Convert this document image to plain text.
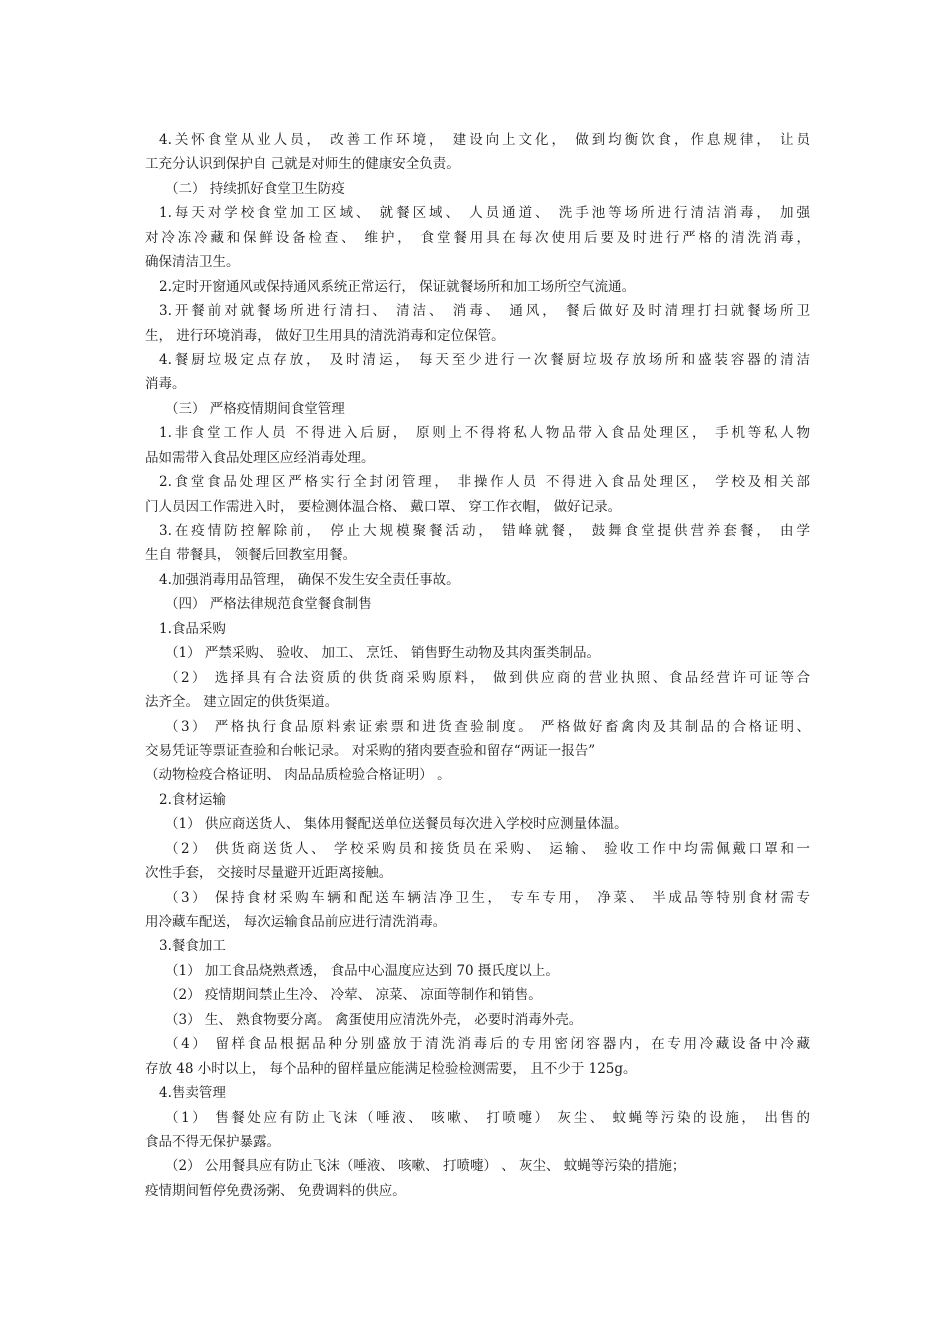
4.关怀食堂从业人员， 改善工作环境， 建设向上文化， 做到均衡饮食，作息规律， 让员
工充分认识到保护自 己就是对师生的健康安全负责。
（二） 持续抓好食堂卫生防疫
1.每天对学校食堂加工区域、 就餐区域、 人员通道、 洗手池等场所进行清洁消毒， 加强
对冷冻冷藏和保鲜设备检查、 维护， 食堂餐用具在每次使用后要及时进行严格的清洗消毒，
确保清洁卫生。
2.定时开窗通风或保持通风系统正常运行， 保证就餐场所和加工场所空气流通。
3.开餐前对就餐场所进行清扫、 清洁、 消毒、 通风， 餐后做好及时清理打扫就餐场所卫
生， 进行环境消毒， 做好卫生用具的清洗消毒和定位保管。
4.餐厨垃圾定点存放， 及时清运， 每天至少进行一次餐厨垃圾存放场所和盛装容器的清洁
消毒。
（三） 严格疫情期间食堂管理
1.非食堂工作人员 不得进入后厨， 原则上不得将私人物品带入食品处理区， 手机等私人物
品如需带入食品处理区应经消毒处理。
2.食堂食品处理区严格实行全封闭管理， 非操作人员 不得进入食品处理区， 学校及相关部
门人员因工作需进入时， 要检测体温合格、 戴口罩、 穿工作衣帽， 做好记录。
3.在疫情防控解除前， 停止大规模聚餐活动， 错峰就餐， 鼓舞食堂提供营养套餐， 由学
生自 带餐具， 领餐后回教室用餐。
4.加强消毒用品管理， 确保不发生安全责任事故。
（四） 严格法律规范食堂餐食制售
1.食品采购
（1） 严禁采购、 验收、 加工、 烹饪、 销售野生动物及其肉蛋类制品。
（2） 选择具有合法资质的供货商采购原料， 做到供应商的营业执照、食品经营许可证等合
法齐全。 建立固定的供货渠道。
（3） 严格执行食品原料索证索票和进货查验制度。 严格做好畜禽肉及其制品的合格证明、
交易凭证等票证查验和台帐记录。 对采购的猪肉要查验和留存“两证一报告”
（动物检疫合格证明、 肉品品质检验合格证明） 。
2.食材运输
（1） 供应商送货人、 集体用餐配送单位送餐员每次进入学校时应测量体温。
（2） 供货商送货人、 学校采购员和接货员在采购、 运输、 验收工作中均需佩戴口罩和一
次性手套， 交接时尽量避开近距离接触。
（3） 保持食材采购车辆和配送车辆洁净卫生， 专车专用， 净菜、 半成品等特别食材需专
用冷藏车配送， 每次运输食品前应进行清洗消毒。
3.餐食加工
（1） 加工食品烧熟煮透， 食品中心温度应达到 70 摄氏度以上。
（2） 疫情期间禁止生冷、 冷荤、 凉菜、 凉面等制作和销售。
（3） 生、 熟食物要分离。 禽蛋使用应清洗外壳， 必要时消毒外壳。
（4） 留样食品根据品种分别盛放于清洗消毒后的专用密闭容器内，在专用冷藏设备中冷藏
存放 48 小时以上， 每个品种的留样量应能满足检验检测需要， 且不少于 125g。
4.售卖管理
（1） 售餐处应有防止飞沫（唾液、 咳嗽、 打喷嚏） 灰尘、 蚊蝇等污染的设施， 出售的
食品不得无保护暴露。
（2） 公用餐具应有防止飞沫（唾液、 咳嗽、 打喷嚏） 、 灰尘、 蚊蝇等污染的措施；
疫情期间暂停免费汤粥、 免费调料的供应。
